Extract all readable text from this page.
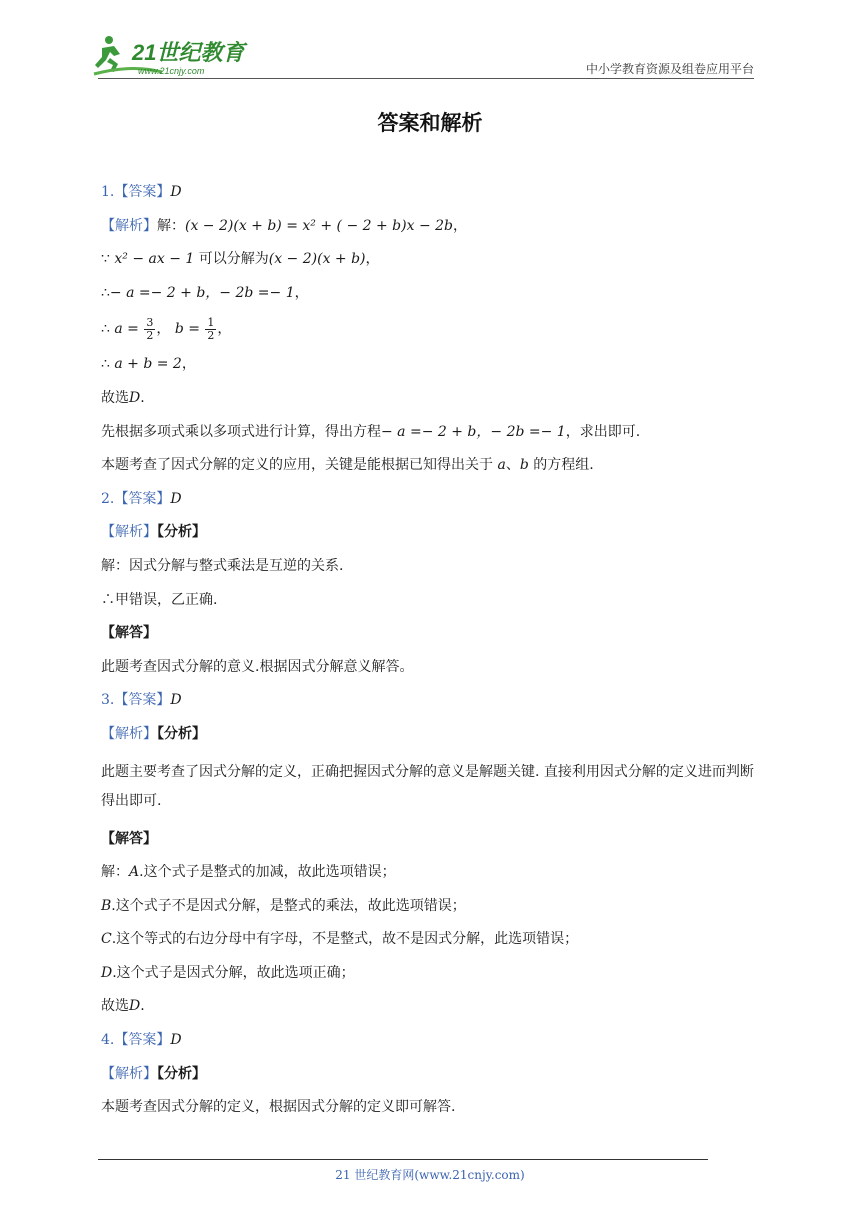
21世纪教育
www.21cnjy.com	中小学教育资源及组卷应用平台
答案和解析
1.【答案】D
【解析】解：(x − 2)(x + b) = x² + ( − 2 + b)x − 2b，
∵ x² − ax − 1 可以分解为(x − 2)(x + b)，
∴− a =− 2 + b，− 2b =− 1，
∴ $a = \frac{3}{2}$ ， $b = \frac{1}{2}$ ，
∴ a + b = 2，
故选D.
先根据多项式乘以多项式进行计算，得出方程− a =− 2 + b，− 2b =− 1，求出即可.
本题考查了因式分解的定义的应用，关键是能根据已知得出关于 a、b 的方程组.
2.【答案】D
【解析】【分析】
解：因式分解与整式乘法是互逆的关系.
∴甲错误，乙正确.
【解答】
此题考查因式分解的意义.根据因式分解意义解答。
3.【答案】D
【解析】【分析】
此题主要考查了因式分解的定义，正确把握因式分解的意义是解题关键. 直接利用因式分解的定义进而判断得出即可.
【解答】
解：A.这个式子是整式的加减，故此选项错误；
B.这个式子不是因式分解，是整式的乘法，故此选项错误；
C.这个等式的右边分母中有字母，不是整式，故不是因式分解，此选项错误；
D.这个式子是因式分解，故此选项正确；
故选D.
4.【答案】D
【解析】【分析】
本题考查因式分解的定义，根据因式分解的定义即可解答.
21 世纪教育网(www.21cnjy.com)
